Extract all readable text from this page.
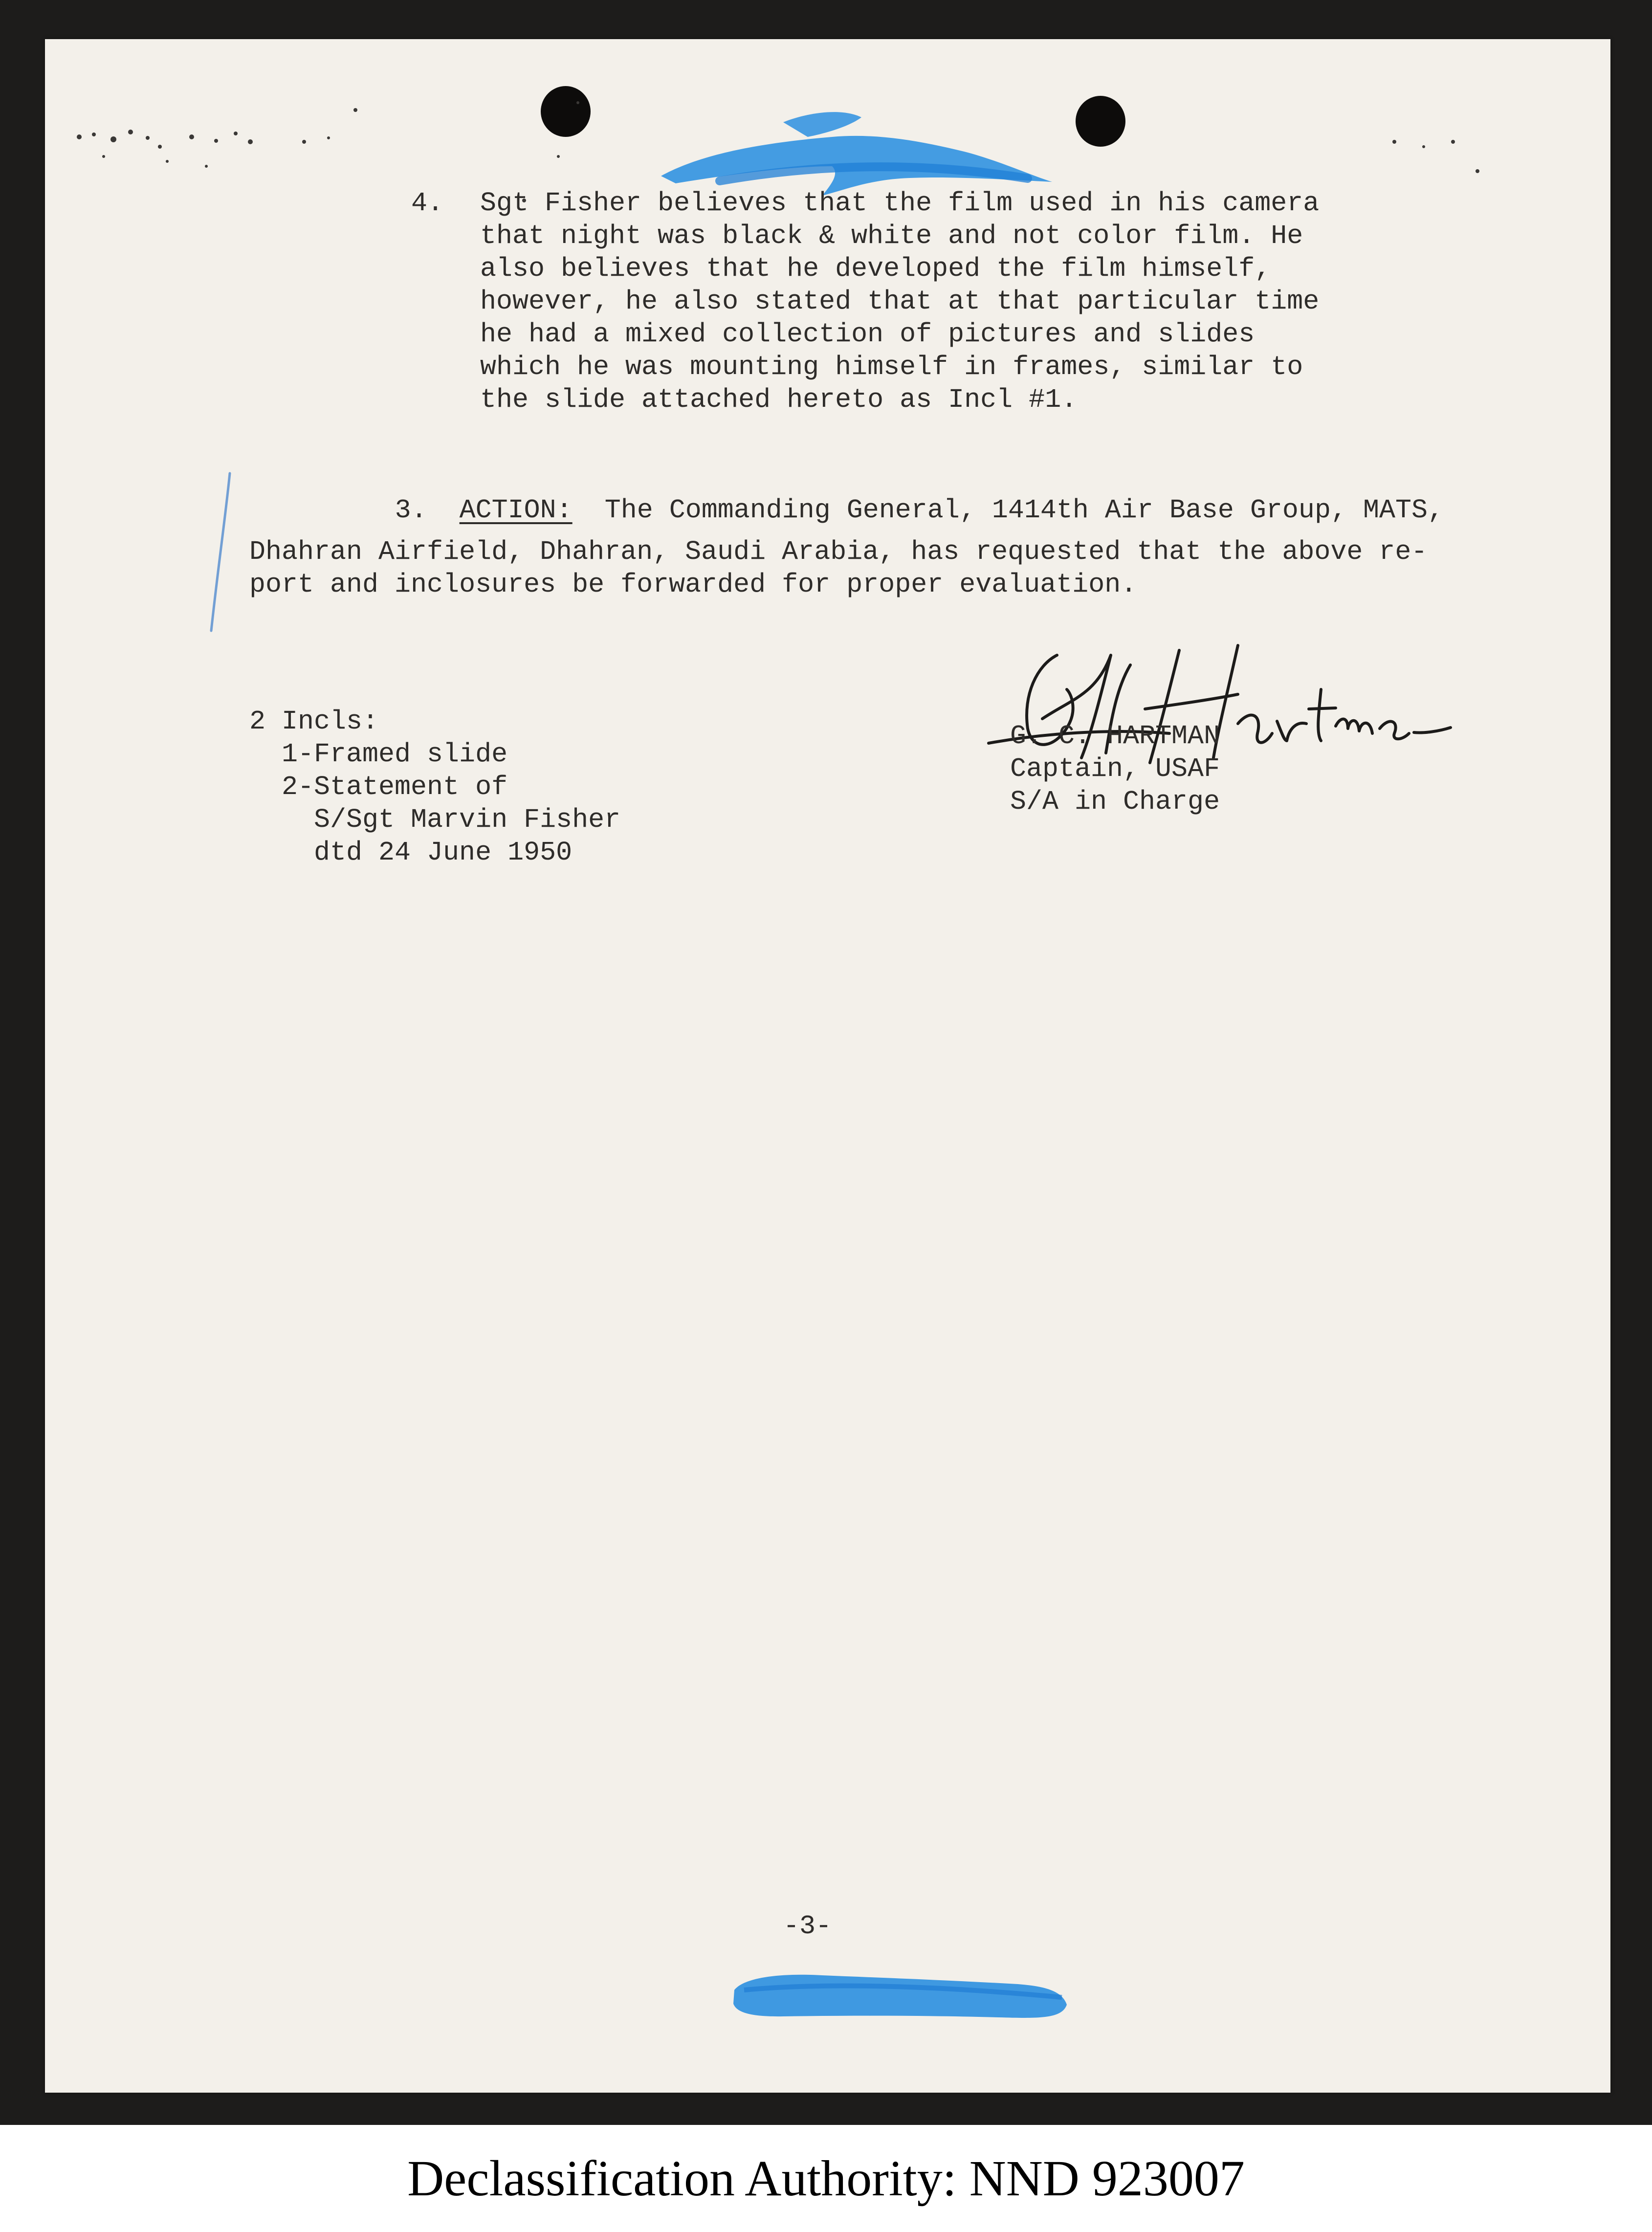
4. Sgt Fisher believes that the film used in his camera
that night was black & white and not color film. He
also believes that he developed the film himself,
however, he also stated that at that particular time
he had a mixed collection of pictures and slides
which he was mounting himself in frames, similar to
the slide attached hereto as Incl #1.

3. ACTION: The Commanding General, 1414th Air Base Group, MATS,

Dhahran Airfield, Dhahran, Saudi Arabia, has requested that the above re-
port and inclosures be forwarded for proper evaluation.
2 Incls:
1-Framed slide
2-Statement of
S/Sgt Marvin Fisher
dtd 24 June 1950
G. C. HARTMAN
Captain, USAF
S/A in Charge
-3-
Declassification Authority: NND 923007
